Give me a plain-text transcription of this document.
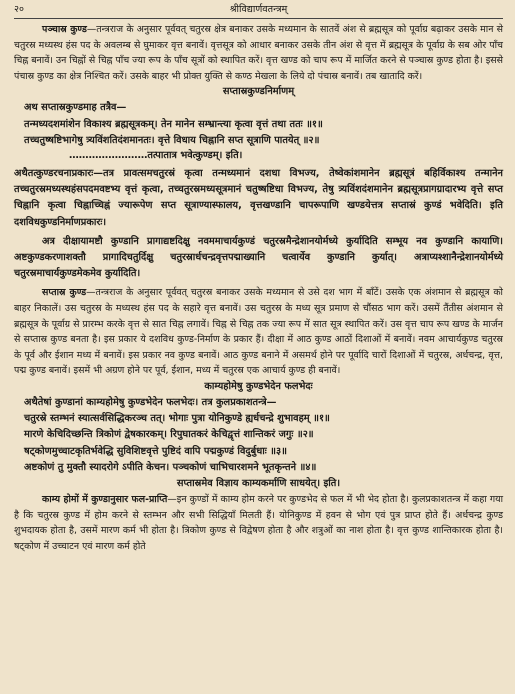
२०	श्रीविद्यार्णवतन्त्रम्

पञ्चास्र कुण्ड—तन्त्रराज के अनुसार पूर्ववत् चतुरस्र क्षेत्र बनाकर उसके मध्यमान के सातवें अंश से ब्रह्मसूत्र को पूर्वाग्र बढ़ाकर उसके मान से चतुरस्र मध्यस्थ हंस पद के अवलम्ब से घुमाकर वृत्त बनावें। वृत्तसूत्र को आधार बनाकर उसके तीन अंश से वृत्त में ब्रह्मसूत्र के पूर्वाग्र के सब ओर पाँच चिह्न बनावें। उन चिह्नों से चिह्न पाँच ज्या रूप के पाँच सूत्रों को स्थापित करें। वृत्त खण्ड को चाप रूप में मार्जित करने से पञ्चास्र कुण्ड होता है। इससे पंचास्र कुण्ड का क्षेत्र निश्चित करें। उसके बाहर भी प्रोक्त युक्ति से कण्ठ मेखला के लिये दो पंचास्र बनावें। तब खातादि करें।

सप्तास्रकुण्डनिर्माणम्
अथ सप्तास्रकुण्डमाह तत्रैव—
तन्मध्यदशमांशेन विकाश्य ब्रह्मसूत्रकम्। तेन मानेन सम्भ्रान्त्या कृत्वा वृत्तं तथा ततः ॥१॥
तच्चतुष्षष्टिभागेषु त्र्यविंशतिदंशमानतः। वृत्ते विधाय चिह्नानि सप्त सूत्राणि पातयेत् ॥२॥
……………………तत्पातात्र भवेत्कुण्डम्। इति।

अथैतत्कुण्डरचनाप्रकारः—तत्र प्रावत्समचतुरस्रं कृत्वा तन्मध्यमानं दशधा विभज्य, तेष्वेकांशमानेन ब्रह्मसूत्रं बहिर्विकाश्य तन्मानेन तच्चतुरस्रमध्यस्थहंसपदमवष्टभ्य वृत्तं कृत्वा, तच्चतुरस्रमध्यसूत्रमानं चतुष्षष्टिधा विभज्य, तेषु त्र्यविंशदंशमानेन ब्रह्मसूत्रप्रागग्रादारभ्य वृत्ते सप्त चिह्नानि कृत्वा चिह्नाच्चिह्नं ज्यारूपेण सप्त सूत्राण्यास्फालय, वृत्तखण्डानि चापरूपाणि खण्डयेत्तत्र सप्तास्रं कुण्डं भवेदिति। इति दशविधकुण्डनिर्माणप्रकारः।

अत्र दीक्षायामष्टौ कुण्डानि प्रागाद्यष्टदिक्षु नवममाचार्यकुण्डं चतुरस्रमैन्द्रेशानयोर्मध्ये कुर्यादिति सम्भूय नव कुण्डानि कायाणि। अष्टकुण्डकरणाशक्तौ प्रागादिचतुर्दिक्षु चतुरस्रार्धचन्द्रवृत्तपद्माख्यानि चत्वार्येव कुण्डानि कुर्यात्। अत्राप्यश्शानैन्द्रेशानयोर्मध्ये चतुरस्रमाचार्यकुण्डमेकमेव कुर्यादिति।

सप्तास्र कुण्ड—तन्त्रराज के अनुसार पूर्ववत् चतुरस्र बनाकर उसके मध्यमान से उसे दश भाग में बाँटें। उसके एक अंशमान से ब्रह्मसूत्र को बाहर निकालें। उस चतुरस्र के मध्यस्थ हंस पद के सहारे वृत्त बनावें। उस चतुरस्र के मध्य सूत्र प्रमाण से चौंसठ भाग करें। उसमें तैंतीस अंशमान से ब्रह्मसूत्र के पूर्वाग्र से प्रारम्भ करके वृत्त से सात चिह्न लगावें। चिह्न से चिह्न तक ज्या रूप में सात सूत्र स्थापित करें। उस वृत्त चाप रूप खण्ड के मार्जन से सप्तास्र कुण्ड बनता है। इस प्रकार ये दशविध कुण्ड-निर्माण के प्रकार हैं। दीक्षा में आठ कुण्ड आठों दिशाओं में बनावें। नवम आचार्यकुण्ड चतुरस्र के पूर्व और ईशान मध्य में बनावें। इस प्रकार नव कुण्ड बनावें। आठ कुण्ड बनाने में असमर्थ होने पर पूर्वादि चारों दिशाओं में चतुरस्र, अर्धचन्द्र, वृत्त, पद्म कुण्ड बनावें। इसमें भी अग्रण होने पर पूर्व, ईशान, मध्य में चतुरस्र एक आचार्य कुण्ड ही बनावें।

काम्यहोमेषु कुण्डभेदेन फलभेदः
अथैतेषां कुण्डानां काम्यहोमेषु कुण्डभेदेन फलभेदः। तत्र कुलप्रकाशतन्त्रे—
चतुरस्रे स्तम्भनं स्यात्सर्वसिद्धिकरञ्च तत्। भोगाः पुत्रा योनिकुण्डे ह्यर्धचन्द्रे शुभावहम् ॥१॥
मारणे केचिदिच्छन्ति त्रिकोणं द्वेषकारकम्। रिपुघातकरं केचिद्वृत्तं शान्तिकरं जगुः ॥२॥
षट्कोणमुच्चाटकृतिर्भवेद्धि सुविशिष्टवृत्ते पुष्टिदं वापि पद्मकुण्डं विदुर्बुधाः ॥३॥
अष्टकोणं तु मुक्तौ स्यादरोगे ऽपीति केचन। पञ्चकोणं चाभिचारशमने भूतकृन्तने ॥४॥
सप्तास्रमेव विज्ञाय काम्यकर्माणि साधयेत्। इति।

काम्य होमों में कुण्डानुसार फल-प्राप्ति—इन कुण्डों में काम्य होम करने पर कुण्डभेद से फल में भी भेद होता है। कुलप्रकाशतन्त्र में कहा गया है कि चतुरस्र कुण्ड में होम करने से स्तम्भन और सभी सिद्धियाँ मिलती हैं। योनिकुण्ड में हवन से भोग एवं पुत्र प्राप्त होते हैं। अर्धचन्द्र कुण्ड शुभदायक होता है, उसमें मारण कर्म भी होता है। त्रिकोण कुण्ड से विद्वेषण होता है और शत्रुओं का नाश होता है। वृत्त कुण्ड शान्तिकारक होता है। षट्कोण में उच्चाटन एवं मारण कर्म होते
